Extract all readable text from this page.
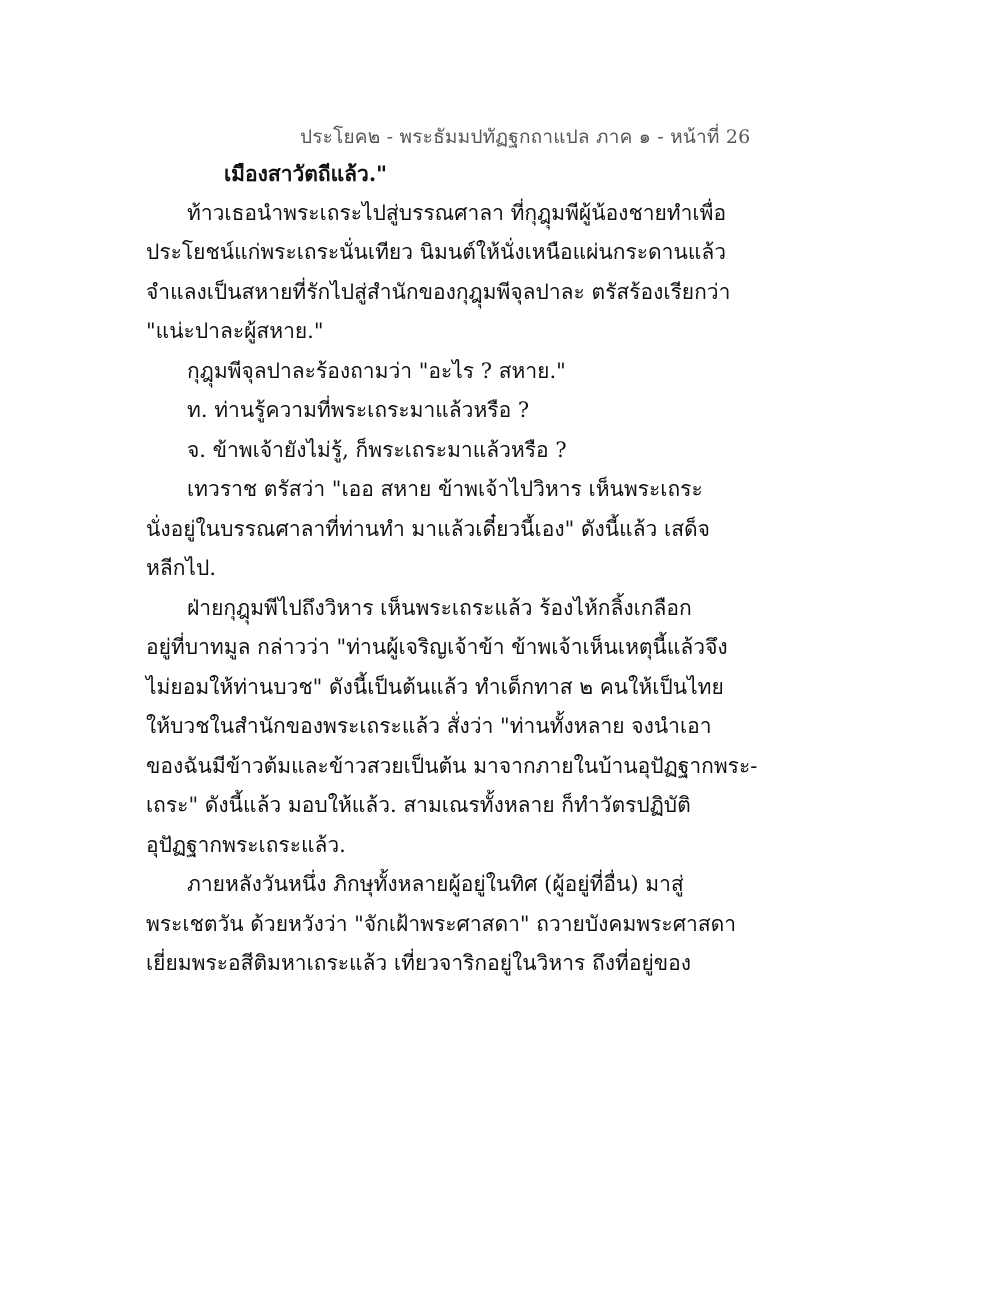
ประโยค๒ - พระธัมมปทัฏฐกถาแปล ภาค ๑ - หน้าที่ 26
เมืองสาวัตถีแล้ว."
ท้าวเธอนำพระเถระไปสู่บรรณศาลา ที่กุฎุมพีผู้น้องชายทำเพื่อ
ประโยชน์แก่พระเถระนั่นเทียว นิมนต์ให้นั่งเหนือแผ่นกระดานแล้ว
จำแลงเป็นสหายที่รักไปสู่สำนักของกุฎุมพีจุลปาละ ตรัสร้องเรียกว่า
"แน่ะปาละผู้สหาย."
กุฎุมพีจุลปาละร้องถามว่า "อะไร ? สหาย."
ท. ท่านรู้ความที่พระเถระมาแล้วหรือ ?
จ. ข้าพเจ้ายังไม่รู้, ก็พระเถระมาแล้วหรือ ?
เทวราช ตรัสว่า "เออ สหาย ข้าพเจ้าไปวิหาร เห็นพระเถระ
นั่งอยู่ในบรรณศาลาที่ท่านทำ มาแล้วเดี๋ยวนี้เอง" ดังนี้แล้ว เสด็จ
หลีกไป.
ฝ่ายกุฎุมพีไปถึงวิหาร เห็นพระเถระแล้ว ร้องไห้กลิ้งเกลือก
อยู่ที่บาทมูล กล่าวว่า "ท่านผู้เจริญเจ้าข้า ข้าพเจ้าเห็นเหตุนี้แล้วจึง
ไม่ยอมให้ท่านบวช" ดังนี้เป็นต้นแล้ว ทำเด็กทาส ๒ คนให้เป็นไทย
ให้บวชในสำนักของพระเถระแล้ว สั่งว่า "ท่านทั้งหลาย จงนำเอา
ของฉันมีข้าวต้มและข้าวสวยเป็นต้น มาจากภายในบ้านอุปัฏฐากพระ-
เถระ" ดังนี้แล้ว มอบให้แล้ว. สามเณรทั้งหลาย ก็ทำวัตรปฏิบัติ
อุปัฏฐากพระเถระแล้ว.
ภายหลังวันหนึ่ง ภิกษุทั้งหลายผู้อยู่ในทิศ (ผู้อยู่ที่อื่น) มาสู่
พระเชตวัน ด้วยหวังว่า "จักเฝ้าพระศาสดา" ถวายบังคมพระศาสดา
เยี่ยมพระอสีติมหาเถระแล้ว เที่ยวจาริกอยู่ในวิหาร ถึงที่อยู่ของ
